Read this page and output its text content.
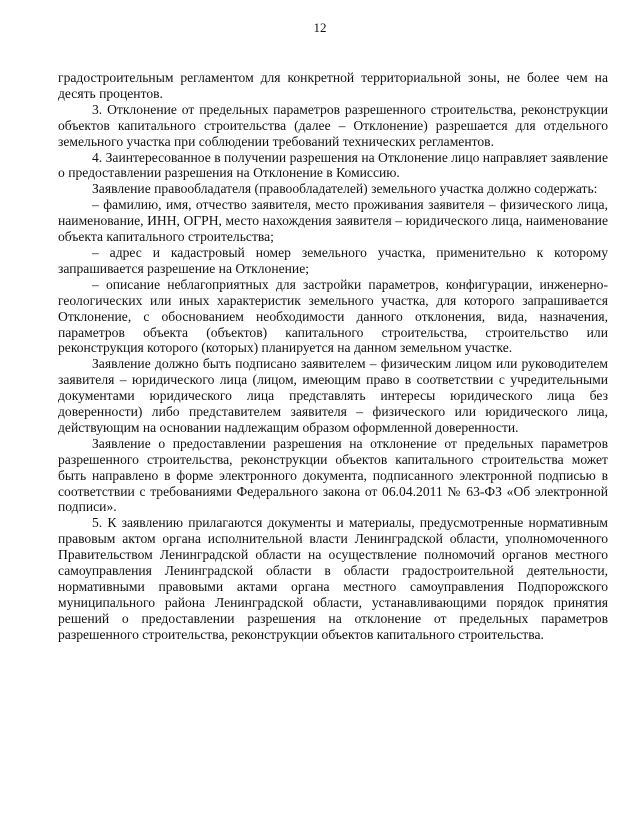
12

градостроительным регламентом для конкретной территориальной зоны, не более чем на десять процентов.

3. Отклонение от предельных параметров разрешенного строительства, реконструкции объектов капитального строительства (далее – Отклонение) разрешается для отдельного земельного участка при соблюдении требований технических регламентов.

4. Заинтересованное в получении разрешения на Отклонение лицо направляет заявление о предоставлении разрешения на Отклонение в Комиссию.

Заявление правообладателя (правообладателей) земельного участка должно содержать:

– фамилию, имя, отчество заявителя, место проживания заявителя – физического лица, наименование, ИНН, ОГРН, место нахождения заявителя – юридического лица, наименование объекта капитального строительства;

– адрес и кадастровый номер земельного участка, применительно к которому запрашивается разрешение на Отклонение;

– описание неблагоприятных для застройки параметров, конфигурации, инженерно-геологических или иных характеристик земельного участка, для которого запрашивается Отклонение, с обоснованием необходимости данного отклонения, вида, назначения, параметров объекта (объектов) капитального строительства, строительство или реконструкция которого (которых) планируется на данном земельном участке.

Заявление должно быть подписано заявителем – физическим лицом или руководителем заявителя – юридического лица (лицом, имеющим право в соответствии с учредительными документами юридического лица представлять интересы юридического лица без доверенности) либо представителем заявителя – физического или юридического лица, действующим на основании надлежащим образом оформленной доверенности.

Заявление о предоставлении разрешения на отклонение от предельных параметров разрешенного строительства, реконструкции объектов капитального строительства может быть направлено в форме электронного документа, подписанного электронной подписью в соответствии с требованиями Федерального закона от 06.04.2011 № 63-ФЗ «Об электронной подписи».

5. К заявлению прилагаются документы и материалы, предусмотренные нормативным правовым актом органа исполнительной власти Ленинградской области, уполномоченного Правительством Ленинградской области на осуществление полномочий органов местного самоуправления Ленинградской области в области градостроительной деятельности, нормативными правовыми актами органа местного самоуправления Подпорожского муниципального района Ленинградской области, устанавливающими порядок принятия решений о предоставлении разрешения на отклонение от предельных параметров разрешенного строительства, реконструкции объектов капитального строительства.
